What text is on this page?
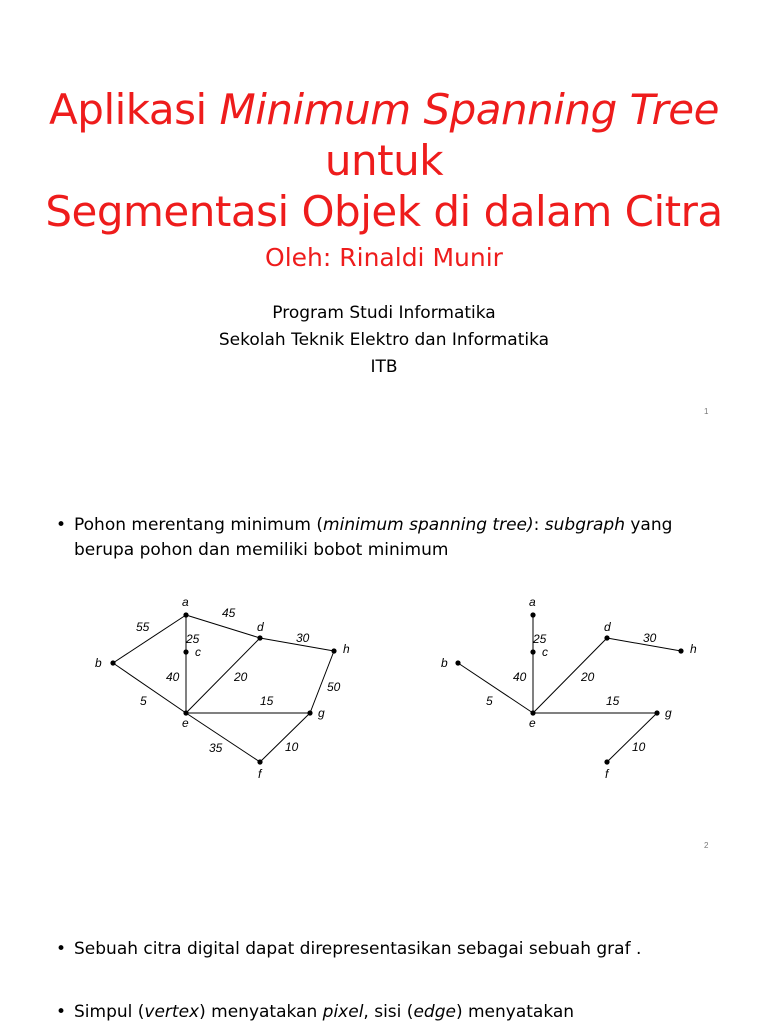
Aplikasi Minimum Spanning Tree untuk
Segmentasi Objek di dalam Citra
Oleh: Rinaldi Munir
Program Studi Informatika
Sekolah Teknik Elektro dan Informatika
ITB
1
• Pohon merentang minimum (minimum spanning tree): subgraph yang berupa pohon dan memiliki bobot minimum
a
b
c
d
e
f
g
h
55
45
25	30
40	20
50
5	15
35	10
a
b
c
d
e
f
g
h
25	30
40	20
5	15
10
2
• Sebuah citra digital dapat direpresentasikan sebagai sebuah graf .
• Simpul (vertex) menyatakan pixel, sisi (edge) menyatakan
